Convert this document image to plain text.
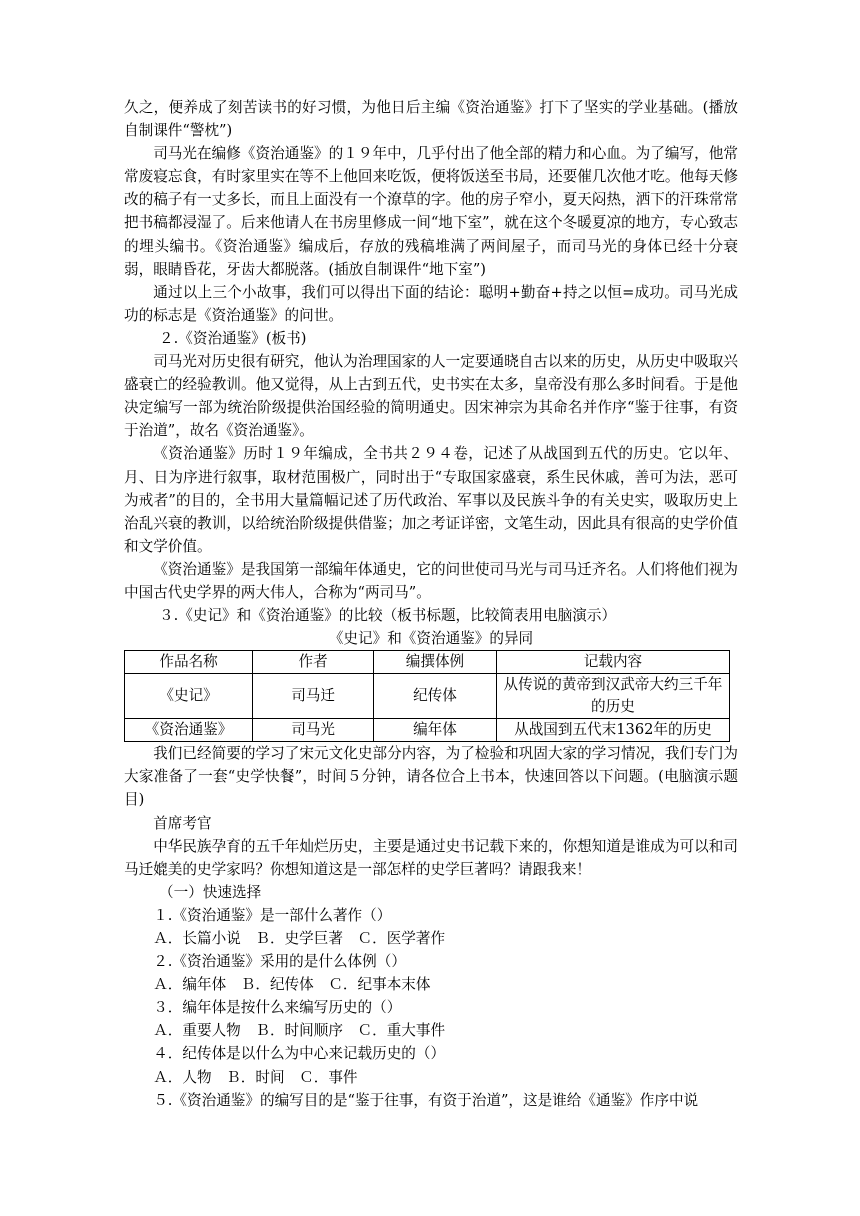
久之，便养成了刻苦读书的好习惯，为他日后主编《资治通鉴》打下了坚实的学业基础。(播放自制课件“警枕”)

司马光在编修《资治通鉴》的１９年中，几乎付出了他全部的精力和心血。为了编写，他常常废寝忘食，有时家里实在等不上他回来吃饭，便将饭送至书局，还要催几次他才吃。他每天修改的稿子有一丈多长，而且上面没有一个潦草的字。他的房子窄小，夏天闷热，洒下的汗珠常常把书稿都浸湿了。后来他请人在书房里修成一间“地下室”，就在这个冬暖夏凉的地方，专心致志的埋头编书。《资治通鉴》编成后，存放的残稿堆满了两间屋子，而司马光的身体已经十分衰弱，眼睛昏花，牙齿大都脱落。(插放自制课件“地下室”)

通过以上三个小故事，我们可以得出下面的结论：聪明+勤奋+持之以恒=成功。司马光成功的标志是《资治通鉴》的问世。

２.《资治通鉴》(板书)

司马光对历史很有研究，他认为治理国家的人一定要通晓自古以来的历史，从历史中吸取兴盛衰亡的经验教训。他又觉得，从上古到五代，史书实在太多，皇帝没有那么多时间看。于是他决定编写一部为统治阶级提供治国经验的简明通史。因宋神宗为其命名并作序“鉴于往事，有资于治道”，故名《资治通鉴》。

《资治通鉴》历时１９年编成，全书共２９４卷，记述了从战国到五代的历史。它以年、月、日为序进行叙事，取材范围极广，同时出于“专取国家盛衰，系生民休戚，善可为法，恶可为戒者”的目的，全书用大量篇幅记述了历代政治、军事以及民族斗争的有关史实，吸取历史上治乱兴衰的教训，以给统治阶级提供借鉴；加之考证详密，文笔生动，因此具有很高的史学价值和文学价值。

《资治通鉴》是我国第一部编年体通史，它的问世使司马光与司马迁齐名。人们将他们视为中国古代史学界的两大伟人，合称为“两司马”。

３.《史记》和《资治通鉴》的比较（板书标题，比较简表用电脑演示）

《史记》和《资治通鉴》的异同

作品名称	作者	编撰体例	记载内容
《史记》	司马迁	纪传体	从传说的黄帝到汉武帝大约三千年的历史
《资治通鉴》	司马光	编年体	从战国到五代末1362年的历史

我们已经简要的学习了宋元文化史部分内容，为了检验和巩固大家的学习情况，我们专门为大家准备了一套“史学快餐”，时间５分钟，请各位合上书本，快速回答以下问题。(电脑演示题目)

首席考官

中华民族孕育的五千年灿烂历史，主要是通过史书记载下来的，你想知道是谁成为可以和司马迁媲美的史学家吗？你想知道这是一部怎样的史学巨著吗？请跟我来！

（一）快速选择

１.《资治通鉴》是一部什么著作（）

Ａ．长篇小说　Ｂ．史学巨著　Ｃ．医学著作

２.《资治通鉴》采用的是什么体例（）

Ａ．编年体　Ｂ．纪传体　Ｃ．纪事本末体

３．编年体是按什么来编写历史的（）

Ａ．重要人物　Ｂ．时间顺序　Ｃ．重大事件

４．纪传体是以什么为中心来记载历史的（）

Ａ．人物　Ｂ．时间　Ｃ．事件

５.《资治通鉴》的编写目的是“鉴于往事，有资于治道”，这是谁给《通鉴》作序中说
